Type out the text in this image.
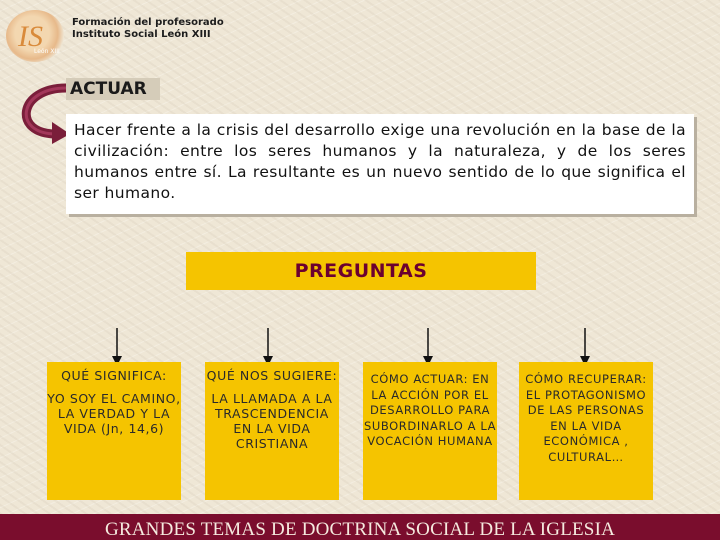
IS
León XIII
Formación del profesorado
Instituto Social León XIII
ACTUAR

Hacer frente a la crisis del desarrollo exige una revolución en la base de la civilización: entre los seres humanos y la naturaleza, y de los seres humanos entre sí. La resultante es un nuevo sentido de lo que significa el ser humano.

PREGUNTAS
QUÉ SIGNIFICA:
YO SOY EL CAMINO, LA VERDAD Y LA VIDA (Jn, 14,6)
QUÉ NOS SUGIERE:
LA LLAMADA A LA TRASCENDENCIA EN LA VIDA CRISTIANA
CÓMO ACTUAR: EN LA ACCIÓN POR EL DESARROLLO PARA SUBORDINARLO A LA VOCACIÓN HUMANA
CÓMO RECUPERAR: EL PROTAGONISMO DE LAS PERSONAS EN LA VIDA ECONÓMICA , CULTURAL…
GRANDES TEMAS DE DOCTRINA SOCIAL DE LA IGLESIA
